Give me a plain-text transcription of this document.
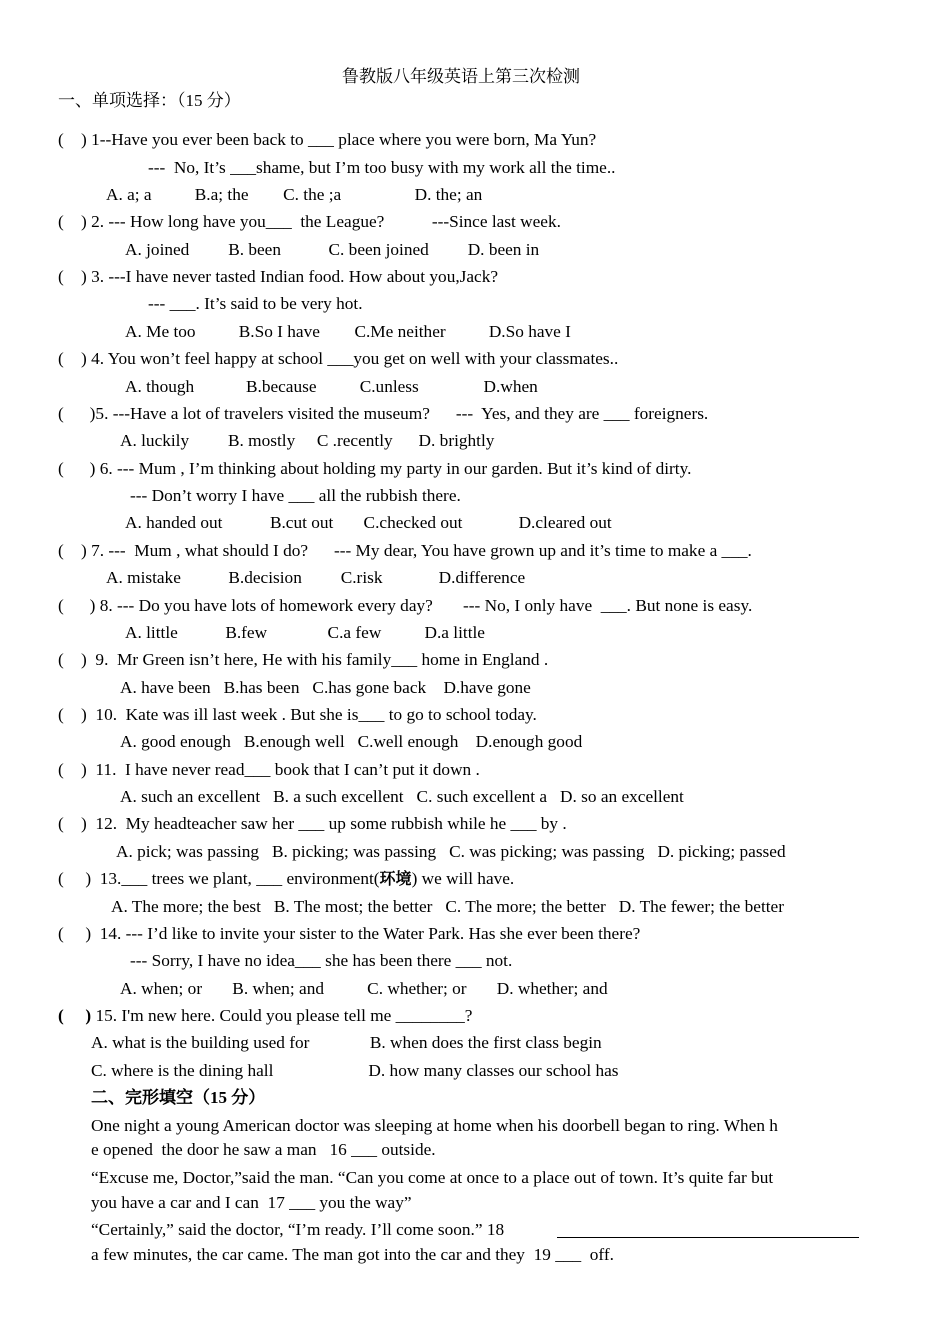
鲁教版八年级英语上第三次检测
一、单项选择：（15 分）
(    ) 1--Have you ever been back to ___ place where you were born, Ma Yun?
---  No, It’s ___shame, but I’m too busy with my work all the time..
A. a; a          B.a; the        C. the ;a                 D. the; an
(    ) 2. --- How long have you___  the League?           ---Since last week.
A. joined         B. been           C. been joined         D. been in
(    ) 3. ---I have never tasted Indian food. How about you,Jack?
--- ___. It’s said to be very hot.
A. Me too          B.So I have        C.Me neither          D.So have I
(    ) 4. You won’t feel happy at school ___you get on well with your classmates..
A. though            B.because          C.unless               D.when
(      )5. ---Have a lot of travelers visited the museum?      ---  Yes, and they are ___ foreigners.
A. luckily         B. mostly     C .recently      D. brightly
(      ) 6. --- Mum , I’m thinking about holding my party in our garden. But it’s kind of dirty.
--- Don’t worry I have ___ all the rubbish there.
A. handed out           B.cut out       C.checked out             D.cleared out
(    ) 7. ---  Mum , what should I do?      --- My dear, You have grown up and it’s time to make a ___.
A. mistake           B.decision         C.risk             D.difference
(      ) 8. --- Do you have lots of homework every day?       --- No, I only have  ___. But none is easy.
A. little           B.few              C.a few          D.a little
(    )  9.  Mr Green isn’t here, He with his family___ home in England .
A. have been   B.has been   C.has gone back    D.have gone
(    )  10.  Kate was ill last week . But she is___ to go to school today.
A. good enough   B.enough well   C.well enough    D.enough good
(    )  11.  I have never read___ book that I can’t put it down .
A. such an excellent   B. a such excellent   C. such excellent a   D. so an excellent
(    )  12.  My headteacher saw her ___ up some rubbish while he ___ by .
A. pick; was passing   B. picking; was passing   C. was picking; was passing   D. picking; passed
(     )  13.___ trees we plant, ___ environment(环境) we will have.
A. The more; the best   B. The most; the better   C. The more; the better   D. The fewer; the better
(     )  14. --- I’d like to invite your sister to the Water Park. Has she ever been there?
--- Sorry, I have no idea___ she has been there ___ not.
A. when; or       B. when; and          C. whether; or       D. whether; and
(     ) 15. I'm new here. Could you please tell me ________?
A. what is the building used for              B. when does the first class begin
C. where is the dining hall                      D. how many classes our school has
二、完形填空（15 分）
One night a young American doctor was sleeping at home when his doorbell began to ring. When h
e opened  the door he saw a man   16 ___ outside.
“Excuse me, Doctor,”said the man. “Can you come at once to a place out of town. It’s quite far but
you have a car and I can  17 ___ you the way”
“Certainly,” said the doctor, “I’m ready. I’ll come soon.” 18
a few minutes, the car came. The man got into the car and they  19 ___  off.
